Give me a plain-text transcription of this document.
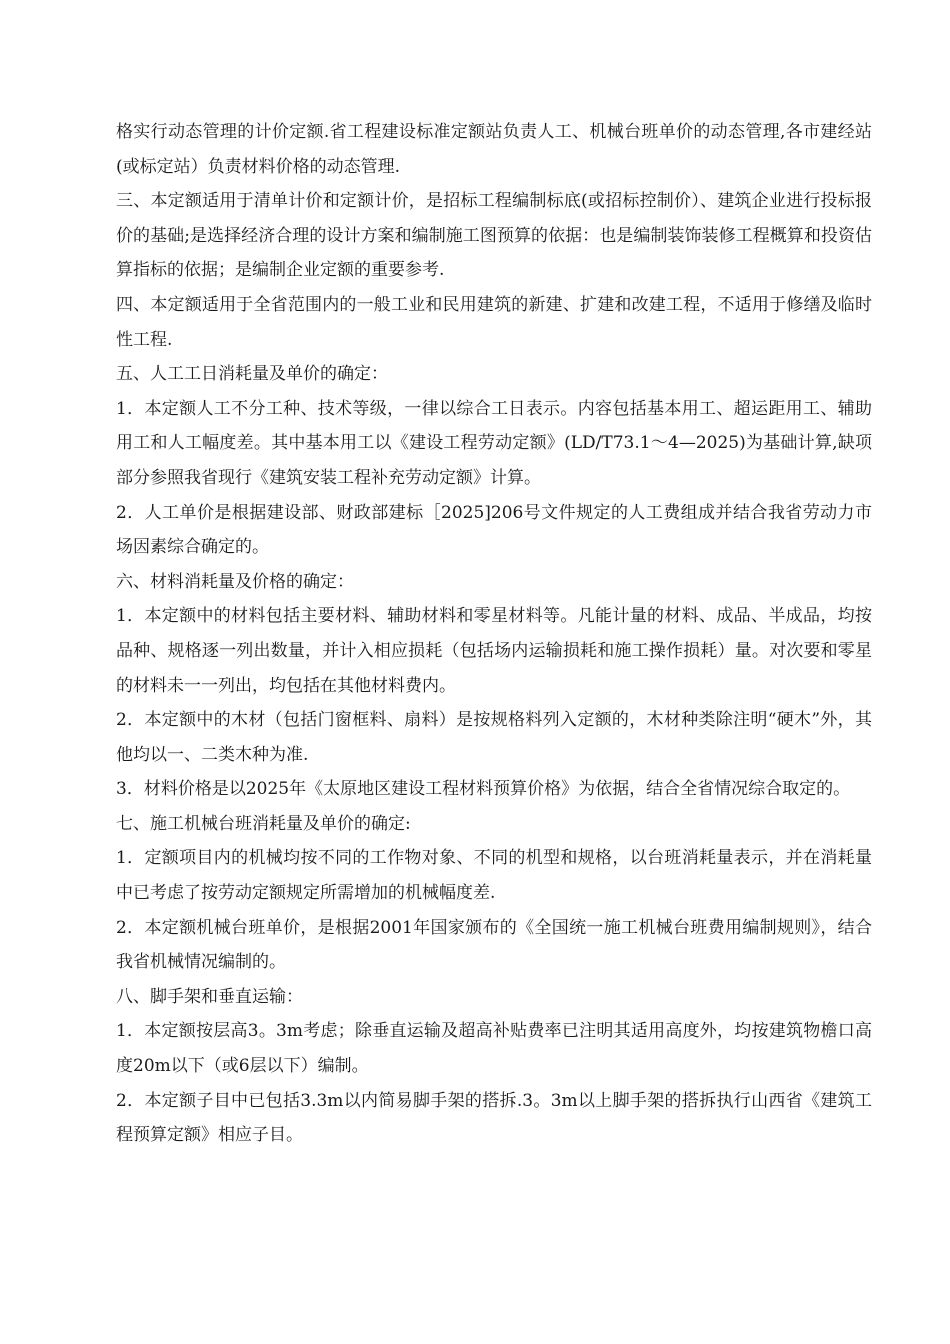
格实行动态管理的计价定额.省工程建设标准定额站负责人工、机械台班单价的动态管理,各市建经站(或标定站）负责材料价格的动态管理.

三、本定额适用于清单计价和定额计价，是招标工程编制标底(或招标控制价）、建筑企业进行投标报价的基础;是选择经济合理的设计方案和编制施工图预算的依据：也是编制装饰装修工程概算和投资估算指标的依据；是编制企业定额的重要参考.

四、本定额适用于全省范围内的一般工业和民用建筑的新建、扩建和改建工程，不适用于修缮及临时性工程.

五、人工工日消耗量及单价的确定：

1．本定额人工不分工种、技术等级，一律以综合工日表示。内容包括基本用工、超运距用工、辅助用工和人工幅度差。其中基本用工以《建设工程劳动定额》(LD/T73.1～4—2025)为基础计算,缺项部分参照我省现行《建筑安装工程补充劳动定额》计算。

2．人工单价是根据建设部、财政部建标［2025]206号文件规定的人工费组成并结合我省劳动力市场因素综合确定的。

六、材料消耗量及价格的确定：

1．本定额中的材料包括主要材料、辅助材料和零星材料等。凡能计量的材料、成品、半成品，均按品种、规格逐一列出数量，并计入相应损耗（包括场内运输损耗和施工操作损耗）量。对次要和零星的材料未一一列出，均包括在其他材料费内。

2．本定额中的木材（包括门窗框料、扇料）是按规格料列入定额的，木材种类除注明“硬木”外，其他均以一、二类木种为准.

3．材料价格是以2025年《太原地区建设工程材料预算价格》为依据，结合全省情况综合取定的。

七、施工机械台班消耗量及单价的确定:

1．定额项目内的机械均按不同的工作物对象、不同的机型和规格，以台班消耗量表示，并在消耗量中已考虑了按劳动定额规定所需增加的机械幅度差.

2．本定额机械台班单价，是根据2001年国家颁布的《全国统一施工机械台班费用编制规则》，结合我省机械情况编制的。

八、脚手架和垂直运输：

1．本定额按层高3。3m考虑；除垂直运输及超高补贴费率已注明其适用高度外，均按建筑物檐口高度20m以下（或6层以下）编制。

2．本定额子目中已包括3.3m以内简易脚手架的搭拆.3。3m以上脚手架的搭拆执行山西省《建筑工程预算定额》相应子目。
